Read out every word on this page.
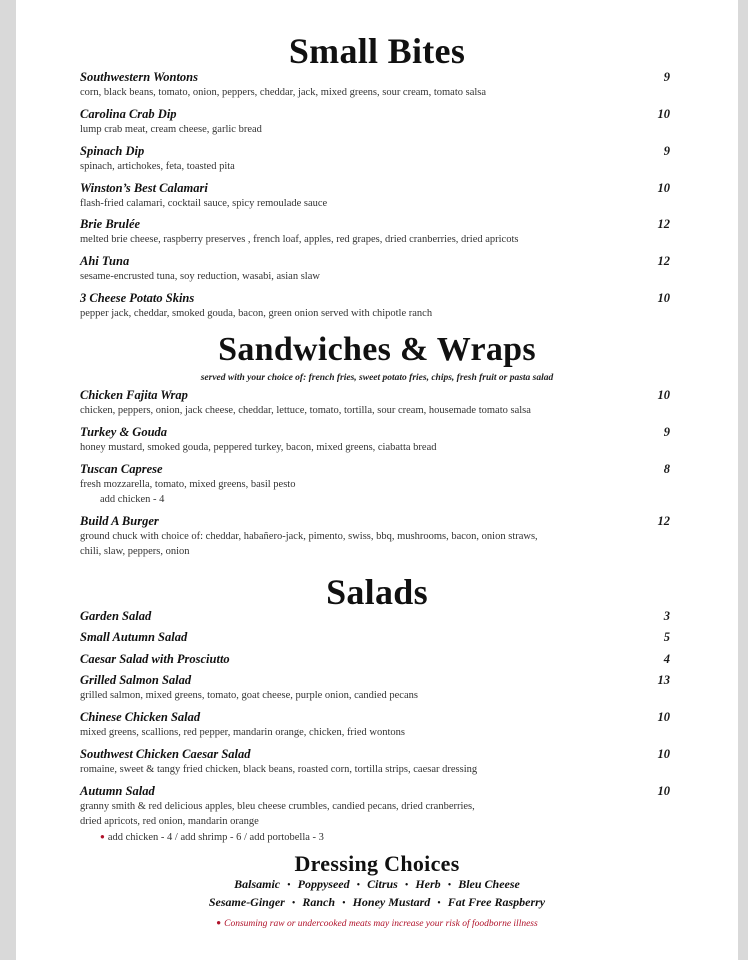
Small Bites
Southwestern Wontons	9
corn, black beans, tomato, onion, peppers, cheddar, jack, mixed greens, sour cream, tomato salsa
Carolina Crab Dip	10
lump crab meat, cream cheese, garlic bread
Spinach Dip	9
spinach, artichokes, feta, toasted pita
Winston’s Best Calamari	10
flash-fried calamari, cocktail sauce, spicy remoulade sauce
Brie Brulée	12
melted brie cheese, raspberry preserves , french loaf, apples, red grapes, dried cranberries, dried apricots
Ahi Tuna	12
sesame-encrusted tuna, soy reduction, wasabi, asian slaw
3 Cheese Potato Skins	10
pepper jack, cheddar, smoked gouda, bacon, green onion served with chipotle ranch
Sandwiches & Wraps
served with your choice of: french fries, sweet potato fries, chips, fresh fruit or pasta salad
Chicken Fajita Wrap	10
chicken, peppers, onion, jack cheese, cheddar, lettuce, tomato, tortilla, sour cream, housemade tomato salsa
Turkey & Gouda	9
honey mustard, smoked gouda, peppered turkey, bacon, mixed greens, ciabatta bread
Tuscan Caprese	8
fresh mozzarella, tomato, mixed greens, basil pesto
add chicken - 4
Build A Burger	12
ground chuck with choice of: cheddar, habañero-jack, pimento, swiss, bbq, mushrooms, bacon, onion straws,
chili, slaw, peppers, onion
Salads
Garden Salad	3
Small Autumn Salad	5
Caesar Salad with Prosciutto	4
Grilled Salmon Salad	13
grilled salmon, mixed greens, tomato, goat cheese, purple onion, candied pecans
Chinese Chicken Salad	10
mixed greens, scallions, red pepper, mandarin orange, chicken, fried wontons
Southwest Chicken Caesar Salad	10
romaine, sweet & tangy fried chicken, black beans, roasted corn, tortilla strips, caesar dressing
Autumn Salad	10
granny smith & red delicious apples, bleu cheese crumbles, candied pecans, dried cranberries,
dried apricots, red onion, mandarin orange
● add chicken - 4 / add shrimp - 6 / add portobella - 3
Dressing Choices
Balsamic • Poppyseed • Citrus • Herb • Bleu Cheese
Sesame-Ginger • Ranch • Honey Mustard • Fat Free Raspberry
● Consuming raw or undercooked meats may increase your risk of foodborne illness
